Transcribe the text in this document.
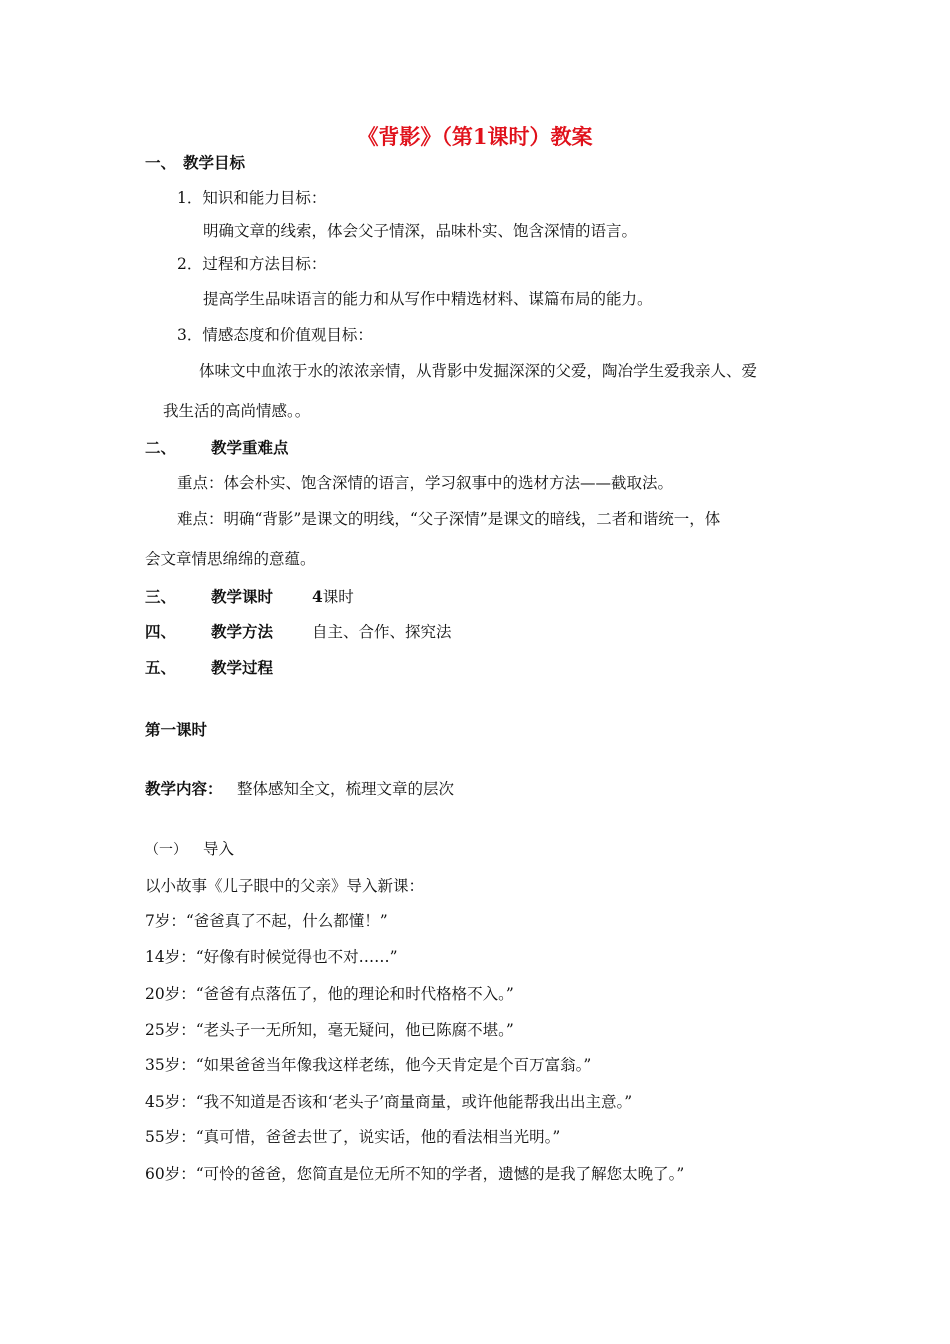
《背影》（第1课时）教案
一、 教学目标
1．知识和能力目标：
明确文章的线索，体会父子情深，品味朴实、饱含深情的语言。
2．过程和方法目标：
提高学生品味语言的能力和从写作中精选材料、谋篇布局的能力。
3．情感态度和价值观目标：
体味文中血浓于水的浓浓亲情，从背影中发掘深深的父爱，陶冶学生爱我亲人、爱
我生活的高尚情感。。
二、 教学重难点
重点：体会朴实、饱含深情的语言，学习叙事中的选材方法——截取法。
难点：明确“背影”是课文的明线，“父子深情”是课文的暗线，二者和谐统一，体
会文章情思绵绵的意蕴。
三、 教学课时	4课时
四、 教学方法	自主、合作、探究法
五、 教学过程
第一课时
教学内容： 整体感知全文，梳理文章的层次
（一） 导入
以小故事《儿子眼中的父亲》导入新课：
7岁：“爸爸真了不起，什么都懂！”
14岁：“好像有时候觉得也不对……”
20岁：“爸爸有点落伍了，他的理论和时代格格不入。”
25岁：“老头子一无所知，毫无疑问，他已陈腐不堪。”
35岁：“如果爸爸当年像我这样老练，他今天肯定是个百万富翁。”
45岁：“我不知道是否该和‘老头子’商量商量，或许他能帮我出出主意。”
55岁：“真可惜，爸爸去世了，说实话，他的看法相当光明。”
60岁：“可怜的爸爸，您简直是位无所不知的学者，遗憾的是我了解您太晚了。”
